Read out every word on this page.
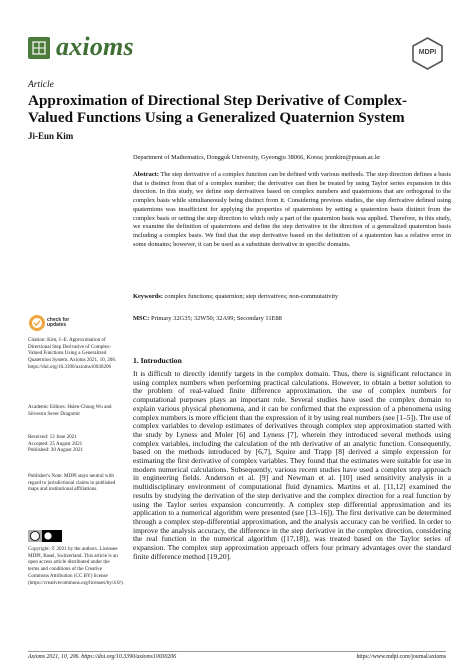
axioms	MDPI
Article
Approximation of Directional Step Derivative of Complex-Valued Functions Using a Generalized Quaternion System
Ji-Eun Kim
Department of Mathematics, Dongguk University, Gyeongju 38066, Korea; jeunkim@pusan.ac.kr
Abstract: The step derivative of a complex function can be defined with various methods. The step direction defines a basis that is distinct from that of a complex number; the derivative can then be treated by using Taylor series expansion in this direction. In this study, we define step derivatives based on complex numbers and quaternions that are orthogonal to the complex basis while simultaneously being distinct from it. Considering previous studies, the step derivative defined using quaternions was insufficient for applying the properties of quaternions by setting a quaternion basis distinct from the complex basis or setting the step direction to which only a part of the quaternion basis was applied. Therefore, in this study, we examine the definition of quaternions and define the step derivative in the direction of a generalized quaternion basis including a complex basis. We find that the step derivative based on the definition of a quaternion has a relative error in some domains; however, it can be used as a substitute derivative in specific domains.
Keywords: complex functions; quaternion; step derivatives; non-commutativity
MSC: Primary 32G35; 32W50; 32A99; Secondary 11E88
1. Introduction
It is difficult to directly identify targets in the complex domain. Thus, there is significant reluctance in using complex numbers when performing practical calculations. However, to obtain a better solution to the problem of real-valued finite difference approximation, the use of complex numbers for computational purposes plays an important role. Several studies have used the complex domain to explain various physical phenomena, and it can be confirmed that the expression of a phenomena using complex numbers is more efficient than the expression of it by using real numbers (see [1–5]). The use of complex variables to develop estimates of derivatives through complex step approximation started with the study by Lyness and Moler [6] and Lyness [7], wherein they introduced several methods using complex variables, including the calculation of the nth derivative of an analytic function. Consequently, based on the methods introduced by [6,7], Squire and Trapp [8] derived a simple expression for estimating the first derivative of complex variables. They found that the estimates were suitable for use in modern numerical calculations. Subsequently, various recent studies have used a complex step approach in engineering fields. Anderson et al. [9] and Newman et al. [10] used sensitivity analysis in a multidisciplinary environment of computational fluid dynamics. Martins et al. [11,12] examined the results by studying the derivation of the step derivative and the complex direction for a real function by using the Taylor series expansion concurrently. A complex step differential approximation and its application to a numerical algorithm were presented (see [13–16]). The first derivative can be determined through a complex step-differential approximation, and the analysis accuracy can be verified. In order to improve the analysis accuracy, the difference in the step derivative in the complex direction, considering the real function in the numerical algorithm ([17,18]), was treated based on the Taylor series of expansion. The complex step approximation approach offers four primary advantages over the standard finite difference method [19,20].
check for updates
Citation: Kim, J.-E. Approximation of Directional Step Derivative of Complex-Valued Functions Using a Generalized Quaternion System. Axioms 2021, 10, 206. https://doi.org/10.3390/axioms10030206
Academic Editors: Hsien-Chung Wu and Silvestru Sever Dragomir
Received: 13 June 2021
Accepted: 25 August 2021
Published: 30 August 2021
Publisher's Note: MDPI stays neutral with regard to jurisdictional claims in published maps and institutional affiliations.
Copyright: © 2021 by the authors. Licensee MDPI, Basel, Switzerland. This article is an open access article distributed under the terms and conditions of the Creative Commons Attribution (CC BY) license (https://creativecommons.org/licenses/by/4.0/).
Axioms 2021, 10, 206. https://doi.org/10.3390/axioms10030206	https://www.mdpi.com/journal/axioms
